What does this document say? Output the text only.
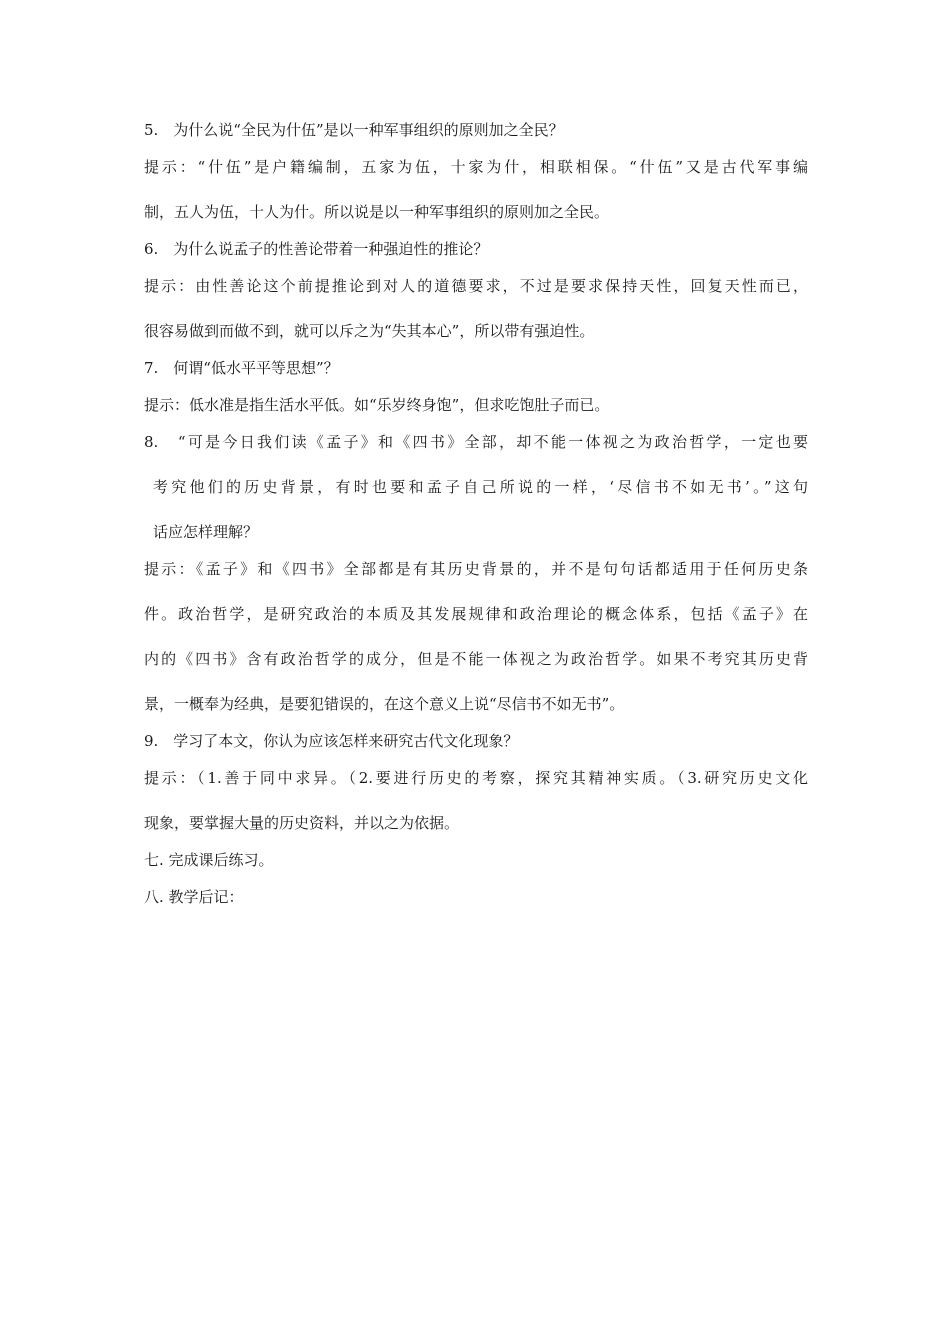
5.　为什么说“全民为什伍”是以一种军事组织的原则加之全民？

提示：“什伍”是户籍编制，五家为伍，十家为什，相联相保。“什伍”又是古代军事编

制，五人为伍，十人为什。所以说是以一种军事组织的原则加之全民。

6.　为什么说孟子的性善论带着一种强迫性的推论？

提示：由性善论这个前提推论到对人的道德要求，不过是要求保持天性，回复天性而已，

很容易做到而做不到，就可以斥之为“失其本心”，所以带有强迫性。

7.　何谓“低水平平等思想”？

提示：低水准是指生活水平低。如“乐岁终身饱”，但求吃饱肚子而已。

8.　“可是今日我们读《孟子》和《四书》全部，却不能一体视之为政治哲学，一定也要

考究他们的历史背景，有时也要和孟子自己所说的一样，‘尽信书不如无书’。”这句

话应怎样理解？

提示：《孟子》和《四书》全部都是有其历史背景的，并不是句句话都适用于任何历史条

件。政治哲学，是研究政治的本质及其发展规律和政治理论的概念体系，包括《孟子》在

内的《四书》含有政治哲学的成分，但是不能一体视之为政治哲学。如果不考究其历史背

景，一概奉为经典，是要犯错误的，在这个意义上说“尽信书不如无书”。

9.　学习了本文，你认为应该怎样来研究古代文化现象？

提示：（1.善于同中求异。（2.要进行历史的考察，探究其精神实质。（3.研究历史文化

现象，要掌握大量的历史资料，并以之为依据。

七. 完成课后练习。

八. 教学后记：
